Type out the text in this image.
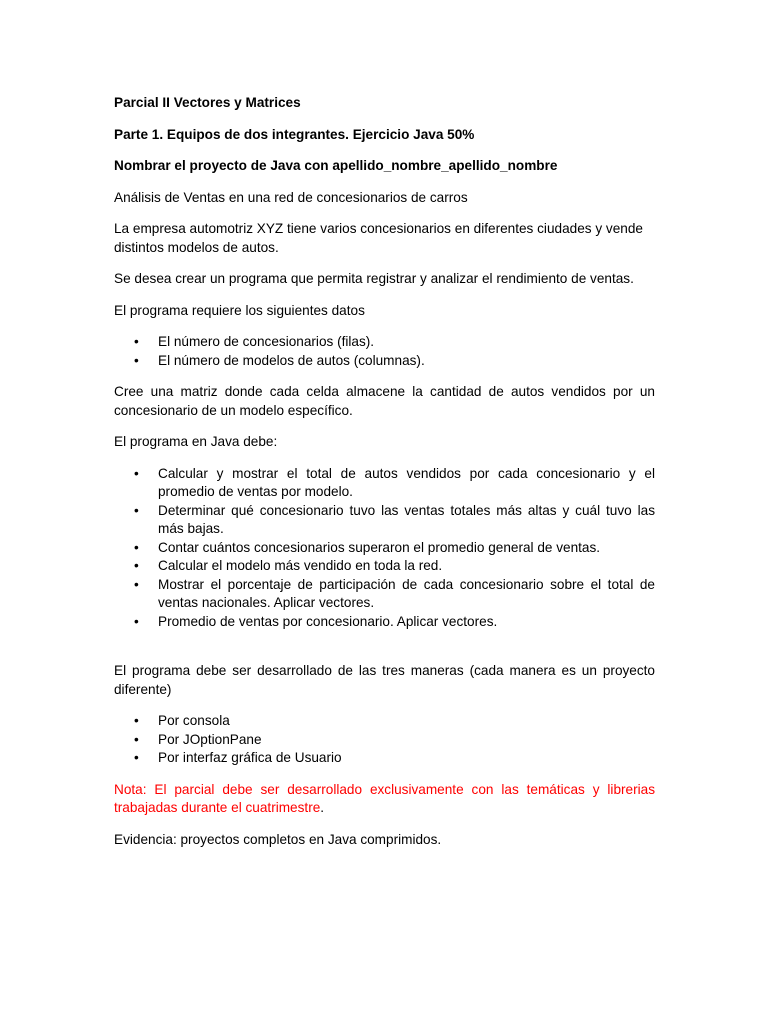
Parcial II Vectores y Matrices

Parte 1. Equipos de dos integrantes. Ejercicio Java 50%

Nombrar el proyecto de Java con apellido_nombre_apellido_nombre

Análisis de Ventas en una red de concesionarios de carros

La empresa automotriz XYZ tiene varios concesionarios en diferentes ciudades y vende distintos modelos de autos.

Se desea crear un programa que permita registrar y analizar el rendimiento de ventas.

El programa requiere los siguientes datos

• El número de concesionarios (filas).
• El número de modelos de autos (columnas).

Cree una matriz donde cada celda almacene la cantidad de autos vendidos por un concesionario de un modelo específico.

El programa en Java debe:

• Calcular y mostrar el total de autos vendidos por cada concesionario y el promedio de ventas por modelo.
• Determinar qué concesionario tuvo las ventas totales más altas y cuál tuvo las más bajas.
• Contar cuántos concesionarios superaron el promedio general de ventas.
• Calcular el modelo más vendido en toda la red.
• Mostrar el porcentaje de participación de cada concesionario sobre el total de ventas nacionales. Aplicar vectores.
• Promedio de ventas por concesionario. Aplicar vectores.

El programa debe ser desarrollado de las tres maneras (cada manera es un proyecto diferente)

• Por consola
• Por JOptionPane
• Por interfaz gráfica de Usuario

Nota: El parcial debe ser desarrollado exclusivamente con las temáticas y librerias trabajadas durante el cuatrimestre.

Evidencia: proyectos completos en Java comprimidos.
